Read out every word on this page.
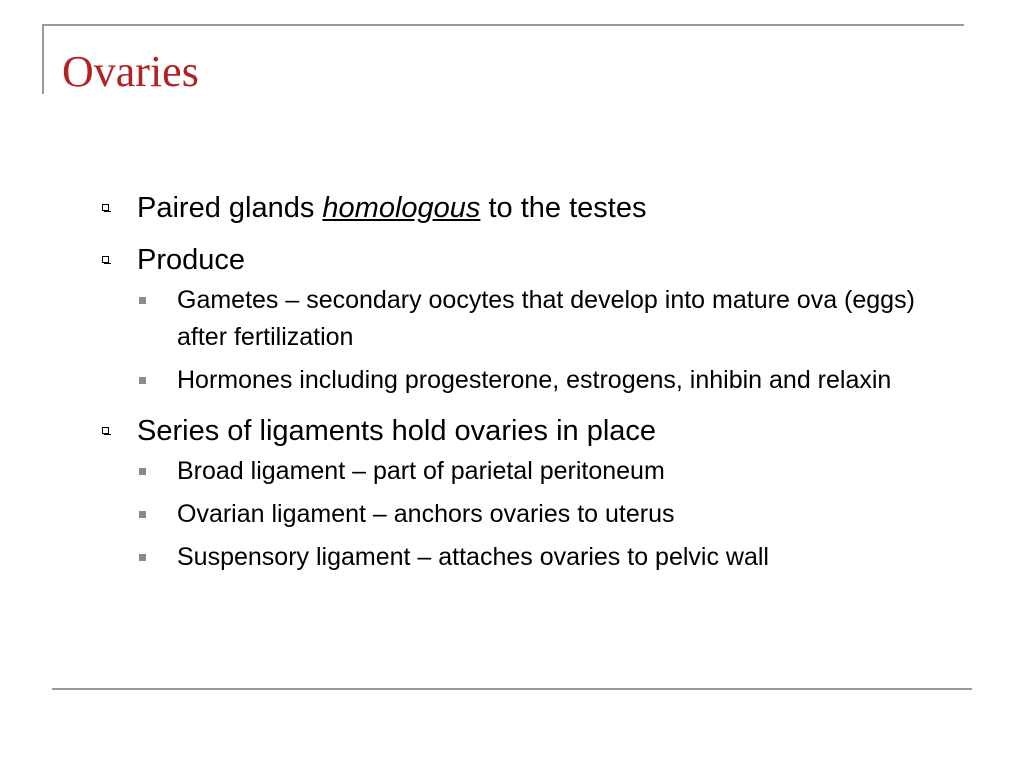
Ovaries
Paired glands homologous to the testes
Produce
Gametes – secondary oocytes that develop into mature ova (eggs) after fertilization
Hormones including progesterone, estrogens, inhibin and relaxin
Series of ligaments hold ovaries in place
Broad ligament – part of parietal peritoneum
Ovarian ligament – anchors ovaries to uterus
Suspensory ligament – attaches ovaries to pelvic wall
